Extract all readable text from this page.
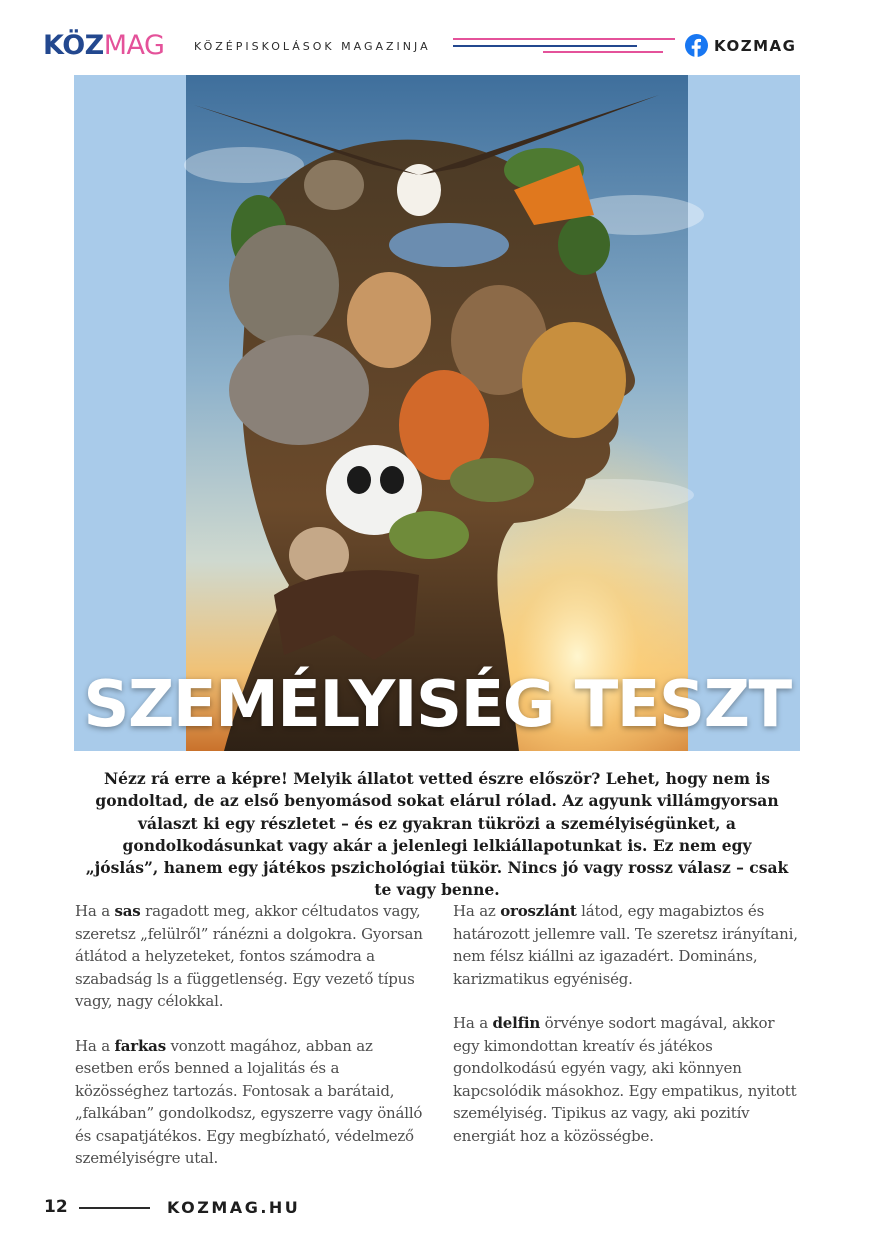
KÖZMAG	KÖZÉPISKOLÁSOK MAGAZINJA	KOZMAG
SZEMÉLYISÉG TESZT
Nézz rá erre a képre! Melyik állatot vetted észre először? Lehet, hogy nem is gondoltad, de az első benyomásod sokat elárul rólad. Az agyunk villámgyorsan választ ki egy részletet – és ez gyakran tükrözi a személyiségünket, a gondolkodásunkat vagy akár a jelenlegi lelkiállapotunkat is. Ez nem egy „jóslás”, hanem egy játékos pszichológiai tükör. Nincs jó vagy rossz válasz – csak te vagy benne.

Ha a sas ragadott meg, akkor céltudatos vagy, szeretsz „felülről” ránézni a dolgokra. Gyorsan átlátod a helyzeteket, fontos számodra a szabadság ls a függetlenség. Egy vezető típus vagy, nagy célokkal.

Ha a farkas vonzott magához, abban az esetben erős benned a lojalitás és a közösséghez tartozás. Fontosak a barátaid, „falkában” gondolkodsz, egyszerre vagy önálló és csapatjátékos. Egy megbízható, védelmező személyiségre utal.

Ha az oroszlánt látod, egy magabiztos és határozott jellemre vall. Te szeretsz irányítani, nem félsz kiállni az igazadért. Domináns, karizmatikus egyéniség.

Ha a delfin örvénye sodort magával, akkor egy kimondottan kreatív és játékos gondolkodású egyén vagy, aki könnyen kapcsolódik másokhoz. Egy empatikus, nyitott személyiség. Tipikus az vagy, aki pozitív energiát hoz a közösségbe.

12	KOZMAG.HU
